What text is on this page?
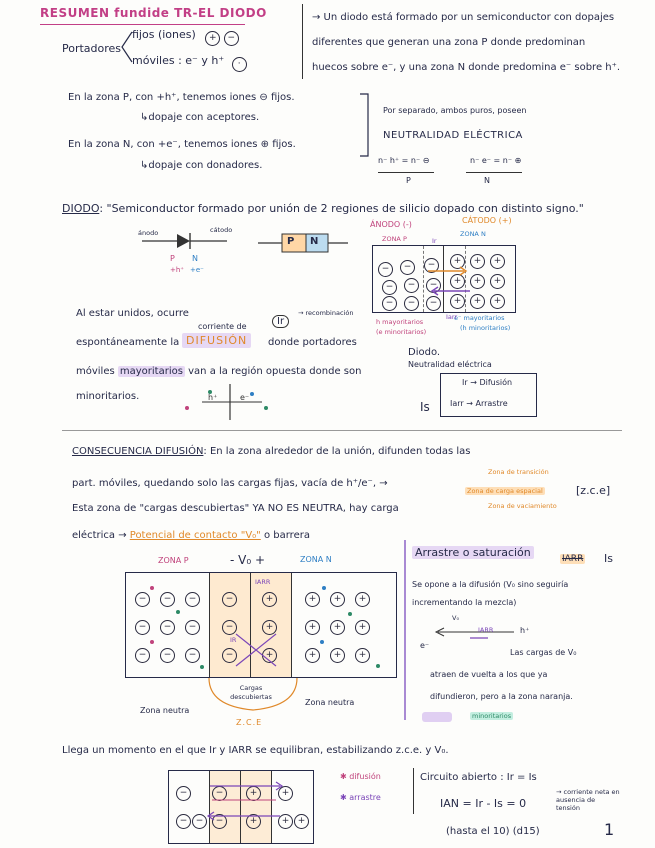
RESUMEN fundide TR-EL DIODO
Portadores
fijos (iones) + −
móviles : e⁻ y h⁺ ·
→ Un diodo está formado por un semiconductor con dopajes
diferentes que generan una zona P donde predominan
huecos sobre e⁻, y una zona N donde predomina e⁻ sobre h⁺.
En la zona P, con +h⁺, tenemos iones ⊖ fijos.
↳dopaje con aceptores.
En la zona N, con +e⁻, tenemos iones ⊕ fijos.
↳dopaje con donadores.
Por separado, ambos puros, poseen
NEUTRALIDAD ELÉCTRICA
n⁻ h⁺ = n⁻ ⊖
P
n⁻ e⁻ = n⁻ ⊕
N
DIODO: "Semiconductor formado por unión de 2 regiones de silicio dopado con distinto signo."
P N
+h⁺ +e⁻
ánodo	cátodo
P N
ÁNODO (-)	CÁTODO (+)
ZONA P
ZONA N
Ir
−	−	−
−	−	−
−	−	−
+	+	+
+	+	+
+	+	+
h mayoritarios
(e minoritarios)
e⁻ mayoritarios
(h minoritarios)
Iarr
Al estar unidos, ocurre
corriente de	Ir
→ recombinación
espontáneamente la DIFUSIÓN	donde portadores
móviles mayoritarios van a la región opuesta donde son
minoritarios.	h⁺	e⁻
Diodo.
Neutralidad eléctrica
Is
Ir → Difusión
Iarr → Arrastre
CONSECUENCIA DIFUSIÓN: En la zona alrededor de la unión, difunden todas las
part. móviles, quedando solo las cargas fijas, vacía de h⁺/e⁻, →
Zona de transición
Zona de carga espacial
Zona de vaciamiento
[z.c.e]
Esta zona de "cargas descubiertas" YA NO ES NEUTRA, hay carga
eléctrica → Potencial de contacto "V₀" o barrera
ZONA P	- V₀ +	ZONA N
−	−	−
−	−	−
−	−	−
−
−
−
+
+
+
+	+	+
+	+	+
+	+	+
IARR
IR
Cargas descubiertas
Zona neutra
Zona neutra
Z.C.E
Arrastre o saturación	IARR Is
Se opone a la difusión (V₀ sino seguiría
incrementando la mezcla)
V₀
IARR	h⁺
e⁻
Las cargas de V₀
atraen de vuelta a los que ya
difundieron, pero a la zona naranja.
minoritarios
Llega un momento en el que Ir y IARR se equilibran, estabilizando z.c.e. y V₀.
−
− −
−
−
+
+
+
+ +
✱ difusión
✱ arrastre
Circuito abierto : Ir = Is
IAN = Ir - Is = 0
→ corriente neta en ausencia de tensión
(hasta el 10) (d15)	1
